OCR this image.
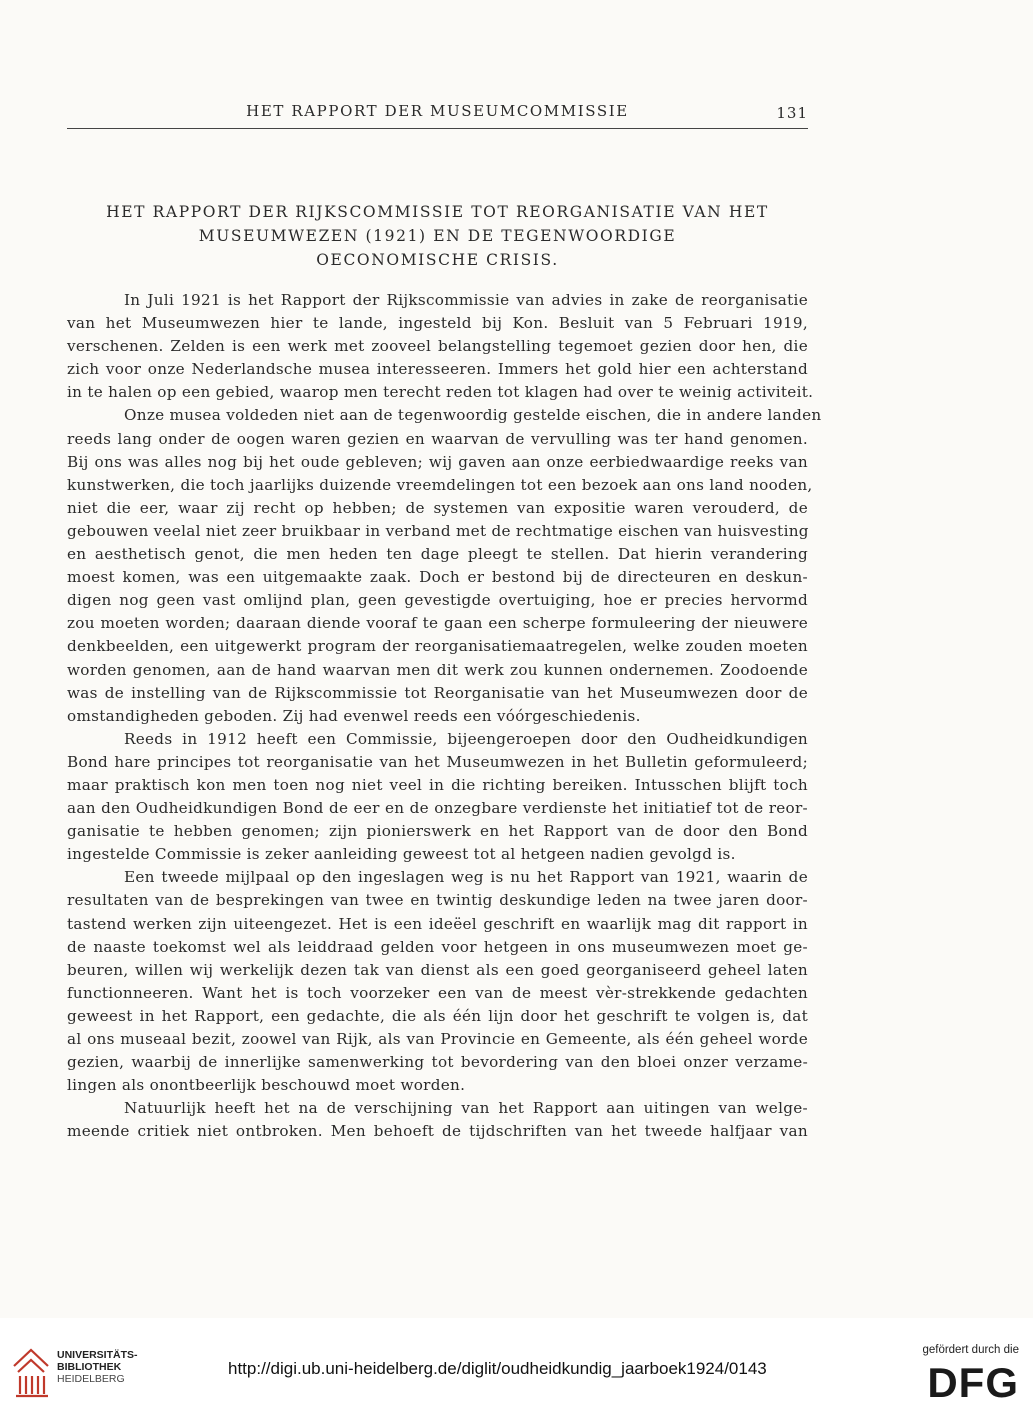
HET RAPPORT DER MUSEUMCOMMISSIE	131
HET RAPPORT DER RIJKSCOMMISSIE TOT REORGANISATIE VAN HET
MUSEUMWEZEN (1921) EN DE TEGENWOORDIGE
OECONOMISCHE CRISIS.
In Juli 1921 is het Rapport der Rijkscommissie van advies in zake de reorganisatie
van het Museumwezen hier te lande, ingesteld bij Kon. Besluit van 5 Februari 1919,
verschenen. Zelden is een werk met zooveel belangstelling tegemoet gezien door hen, die
zich voor onze Nederlandsche musea interesseeren. Immers het gold hier een achterstand
in te halen op een gebied, waarop men terecht reden tot klagen had over te weinig activiteit.
Onze musea voldeden niet aan de tegenwoordig gestelde eischen, die in andere landen
reeds lang onder de oogen waren gezien en waarvan de vervulling was ter hand genomen.
Bij ons was alles nog bij het oude gebleven; wij gaven aan onze eerbiedwaardige reeks van
kunstwerken, die toch jaarlijks duizende vreemdelingen tot een bezoek aan ons land nooden,
niet die eer, waar zij recht op hebben; de systemen van expositie waren verouderd, de
gebouwen veelal niet zeer bruikbaar in verband met de rechtmatige eischen van huisvesting
en aesthetisch genot, die men heden ten dage pleegt te stellen. Dat hierin verandering
moest komen, was een uitgemaakte zaak. Doch er bestond bij de directeuren en deskun-
digen nog geen vast omlijnd plan, geen gevestigde overtuiging, hoe er precies hervormd
zou moeten worden; daaraan diende vooraf te gaan een scherpe formuleering der nieuwere
denkbeelden, een uitgewerkt program der reorganisatiemaatregelen, welke zouden moeten
worden genomen, aan de hand waarvan men dit werk zou kunnen ondernemen. Zoodoende
was de instelling van de Rijkscommissie tot Reorganisatie van het Museumwezen door de
omstandigheden geboden. Zij had evenwel reeds een vóórgeschiedenis.
Reeds in 1912 heeft een Commissie, bijeengeroepen door den Oudheidkundigen
Bond hare principes tot reorganisatie van het Museumwezen in het Bulletin geformuleerd;
maar praktisch kon men toen nog niet veel in die richting bereiken. Intusschen blijft toch
aan den Oudheidkundigen Bond de eer en de onzegbare verdienste het initiatief tot de reor-
ganisatie te hebben genomen; zijn pionierswerk en het Rapport van de door den Bond
ingestelde Commissie is zeker aanleiding geweest tot al hetgeen nadien gevolgd is.
Een tweede mijlpaal op den ingeslagen weg is nu het Rapport van 1921, waarin de
resultaten van de besprekingen van twee en twintig deskundige leden na twee jaren door-
tastend werken zijn uiteengezet. Het is een ideëel geschrift en waarlijk mag dit rapport in
de naaste toekomst wel als leiddraad gelden voor hetgeen in ons museumwezen moet ge-
beuren, willen wij werkelijk dezen tak van dienst als een goed georganiseerd geheel laten
functionneeren. Want het is toch voorzeker een van de meest vèr-strekkende gedachten
geweest in het Rapport, een gedachte, die als één lijn door het geschrift te volgen is, dat
al ons museaal bezit, zoowel van Rijk, als van Provincie en Gemeente, als één geheel worde
gezien, waarbij de innerlijke samenwerking tot bevordering van den bloei onzer verzame-
lingen als onontbeerlijk beschouwd moet worden.
Natuurlijk heeft het na de verschijning van het Rapport aan uitingen van welge-
meende critiek niet ontbroken. Men behoeft de tijdschriften van het tweede halfjaar van
UNIVERSITÄTS-
BIBLIOTHEK
HEIDELBERG
http://digi.ub.uni-heidelberg.de/diglit/oudheidkundig_jaarboek1924/0143
gefördert durch die
DFG
